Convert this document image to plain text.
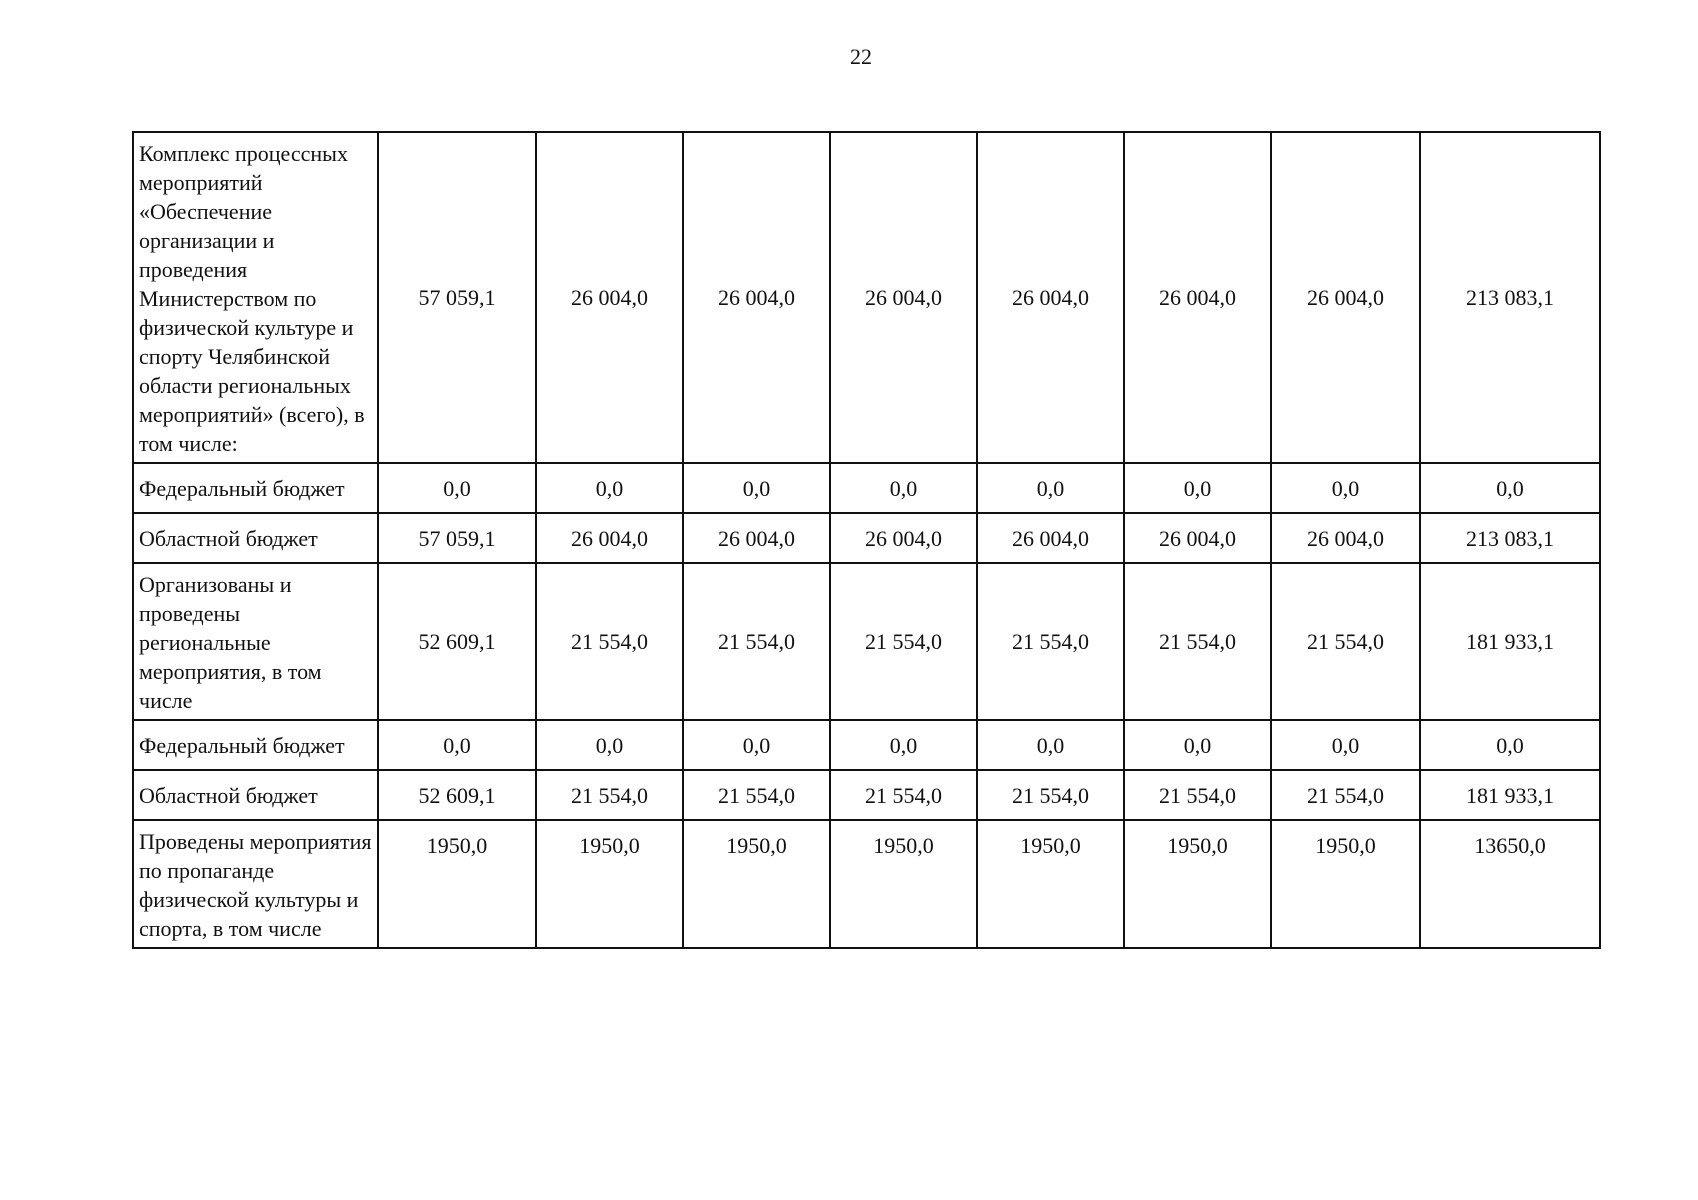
22
Комплекс процессных мероприятий «Обеспечение организации и проведения Министерством по физической культуре и спорту Челябинской области региональных мероприятий» (всего), в том числе:	57 059,1	26 004,0	26 004,0	26 004,0	26 004,0	26 004,0	26 004,0	213 083,1
Федеральный бюджет	0,0	0,0	0,0	0,0	0,0	0,0	0,0	0,0
Областной бюджет	57 059,1	26 004,0	26 004,0	26 004,0	26 004,0	26 004,0	26 004,0	213 083,1
Организованы и проведены региональные мероприятия, в том числе	52 609,1	21 554,0	21 554,0	21 554,0	21 554,0	21 554,0	21 554,0	181 933,1
Федеральный бюджет	0,0	0,0	0,0	0,0	0,0	0,0	0,0	0,0
Областной бюджет	52 609,1	21 554,0	21 554,0	21 554,0	21 554,0	21 554,0	21 554,0	181 933,1
Проведены мероприятия по пропаганде физической культуры и спорта, в том числе	1950,0	1950,0	1950,0	1950,0	1950,0	1950,0	1950,0	13650,0
